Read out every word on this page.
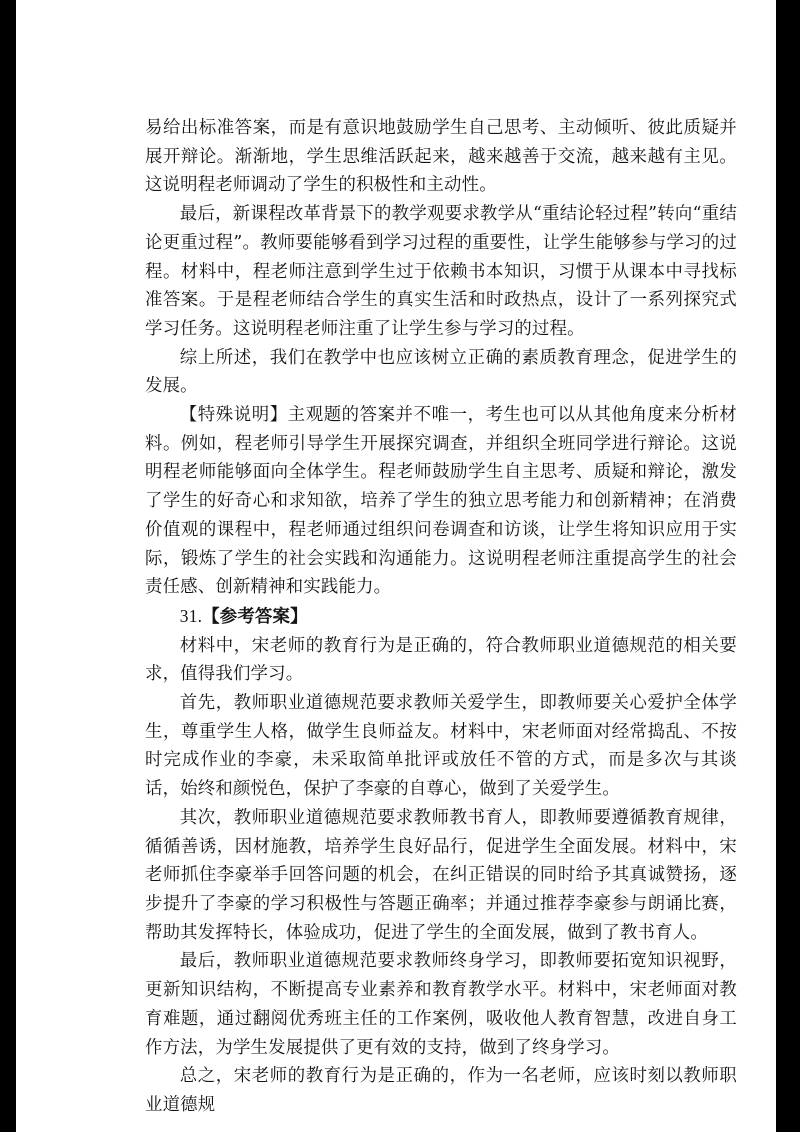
易给出标准答案，而是有意识地鼓励学生自己思考、主动倾听、彼此质疑并展开辩论。渐渐地，学生思维活跃起来，越来越善于交流，越来越有主见。这说明程老师调动了学生的积极性和主动性。

最后，新课程改革背景下的教学观要求教学从“重结论轻过程”转向“重结论更重过程”。教师要能够看到学习过程的重要性，让学生能够参与学习的过程。材料中，程老师注意到学生过于依赖书本知识，习惯于从课本中寻找标准答案。于是程老师结合学生的真实生活和时政热点，设计了一系列探究式学习任务。这说明程老师注重了让学生参与学习的过程。

综上所述，我们在教学中也应该树立正确的素质教育理念，促进学生的发展。

【特殊说明】主观题的答案并不唯一，考生也可以从其他角度来分析材料。例如，程老师引导学生开展探究调查，并组织全班同学进行辩论。这说明程老师能够面向全体学生。程老师鼓励学生自主思考、质疑和辩论，激发了学生的好奇心和求知欲，培养了学生的独立思考能力和创新精神；在消费价值观的课程中，程老师通过组织问卷调查和访谈，让学生将知识应用于实际，锻炼了学生的社会实践和沟通能力。这说明程老师注重提高学生的社会责任感、创新精神和实践能力。

31.【参考答案】

材料中，宋老师的教育行为是正确的，符合教师职业道德规范的相关要求，值得我们学习。

首先，教师职业道德规范要求教师关爱学生，即教师要关心爱护全体学生，尊重学生人格，做学生良师益友。材料中，宋老师面对经常捣乱、不按时完成作业的李豪，未采取简单批评或放任不管的方式，而是多次与其谈话，始终和颜悦色，保护了李豪的自尊心，做到了关爱学生。

其次，教师职业道德规范要求教师教书育人，即教师要遵循教育规律，循循善诱，因材施教，培养学生良好品行，促进学生全面发展。材料中，宋老师抓住李豪举手回答问题的机会，在纠正错误的同时给予其真诚赞扬，逐步提升了李豪的学习积极性与答题正确率；并通过推荐李豪参与朗诵比赛，帮助其发挥特长，体验成功，促进了学生的全面发展，做到了教书育人。

最后，教师职业道德规范要求教师终身学习，即教师要拓宽知识视野，更新知识结构，不断提高专业素养和教育教学水平。材料中，宋老师面对教育难题，通过翻阅优秀班主任的工作案例，吸收他人教育智慧，改进自身工作方法，为学生发展提供了更有效的支持，做到了终身学习。

总之，宋老师的教育行为是正确的，作为一名老师，应该时刻以教师职业道德规
